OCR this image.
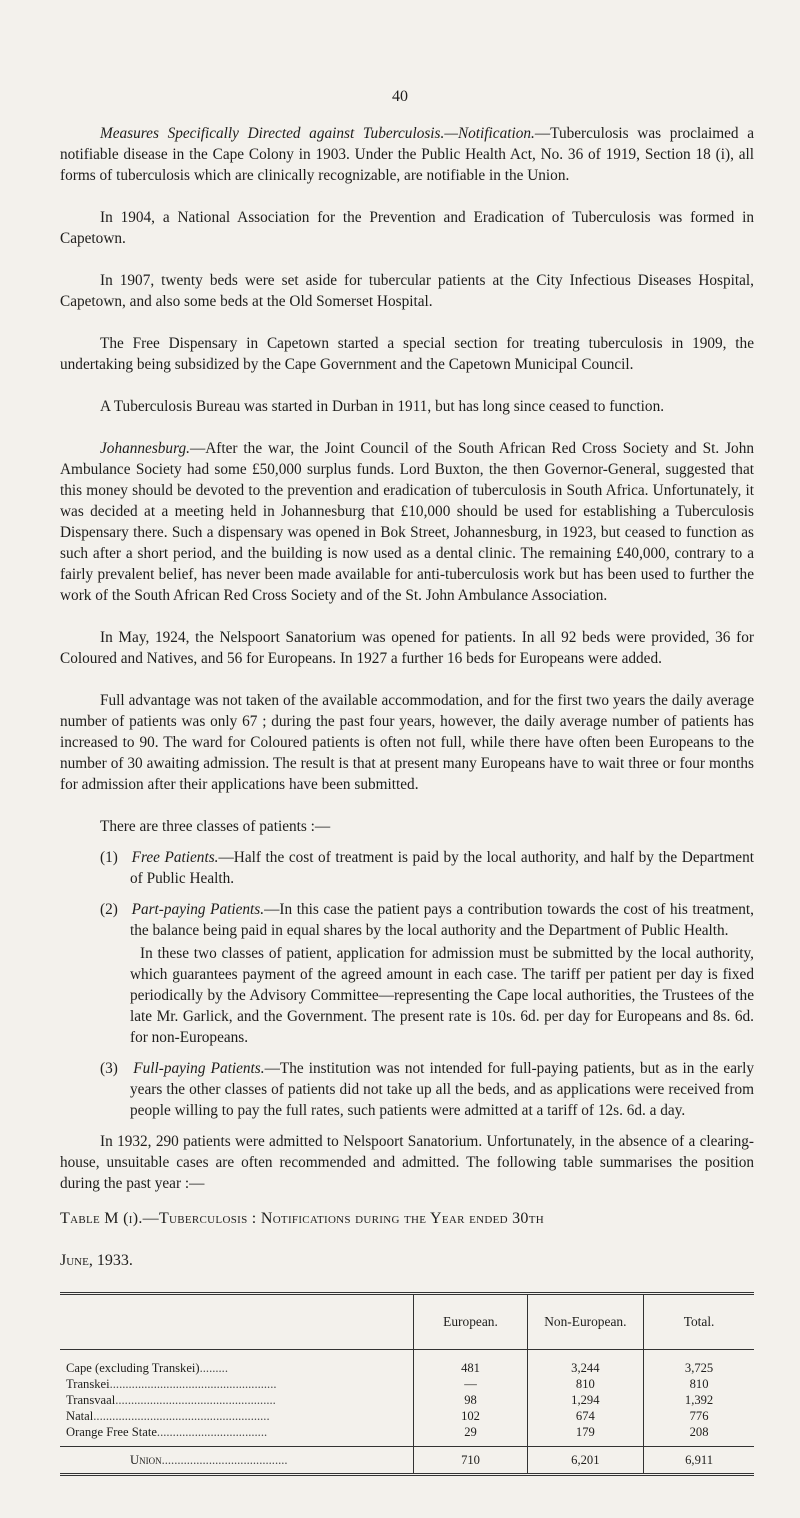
40

Measures Specifically Directed against Tuberculosis.—Notification.—Tuberculosis was proclaimed a notifiable disease in the Cape Colony in 1903. Under the Public Health Act, No. 36 of 1919, Section 18 (i), all forms of tuberculosis which are clinically recognizable, are notifiable in the Union.

In 1904, a National Association for the Prevention and Eradication of Tuberculosis was formed in Capetown.

In 1907, twenty beds were set aside for tubercular patients at the City Infectious Diseases Hospital, Capetown, and also some beds at the Old Somerset Hospital.

The Free Dispensary in Capetown started a special section for treating tuberculosis in 1909, the undertaking being subsidized by the Cape Government and the Capetown Municipal Council.

A Tuberculosis Bureau was started in Durban in 1911, but has long since ceased to function.

Johannesburg.—After the war, the Joint Council of the South African Red Cross Society and St. John Ambulance Society had some £50,000 surplus funds. Lord Buxton, the then Governor-General, suggested that this money should be devoted to the prevention and eradication of tuberculosis in South Africa. Unfortunately, it was decided at a meeting held in Johannesburg that £10,000 should be used for establishing a Tuberculosis Dispensary there. Such a dispensary was opened in Bok Street, Johannesburg, in 1923, but ceased to function as such after a short period, and the building is now used as a dental clinic. The remaining £40,000, contrary to a fairly prevalent belief, has never been made available for anti-tuberculosis work but has been used to further the work of the South African Red Cross Society and of the St. John Ambulance Association.

In May, 1924, the Nelspoort Sanatorium was opened for patients. In all 92 beds were provided, 36 for Coloured and Natives, and 56 for Europeans. In 1927 a further 16 beds for Europeans were added.

Full advantage was not taken of the available accommodation, and for the first two years the daily average number of patients was only 67 ; during the past four years, however, the daily average number of patients has increased to 90. The ward for Coloured patients is often not full, while there have often been Europeans to the number of 30 awaiting admission. The result is that at present many Europeans have to wait three or four months for admission after their applications have been submitted.

There are three classes of patients :—

(1) Free Patients.—Half the cost of treatment is paid by the local authority, and half by the Department of Public Health.

(2) Part-paying Patients.—In this case the patient pays a contribution towards the cost of his treatment, the balance being paid in equal shares by the local authority and the Department of Public Health.

In these two classes of patient, application for admission must be submitted by the local authority, which guarantees payment of the agreed amount in each case. The tariff per patient per day is fixed periodically by the Advisory Committee—representing the Cape local authorities, the Trustees of the late Mr. Garlick, and the Government. The present rate is 10s. 6d. per day for Europeans and 8s. 6d. for non-Europeans.

(3) Full-paying Patients.—The institution was not intended for full-paying patients, but as in the early years the other classes of patients did not take up all the beds, and as applications were received from people willing to pay the full rates, such patients were admitted at a tariff of 12s. 6d. a day.

In 1932, 290 patients were admitted to Nelspoort Sanatorium. Unfortunately, in the absence of a clearing-house, unsuitable cases are often recommended and admitted. The following table summarises the position during the past year :—

Table M (i).—Tuberculosis : Notifications during the Year ended 30th

June, 1933.

	European.	Non-European.	Total.
Cape (excluding Transkei).........	481	3,244	3,725
Transkei.....................................................	—	810	810
Transvaal...................................................	98	1,294	1,392
Natal........................................................	102	674	776
Orange Free State...................................	29	179	208
Union........................................	710	6,201	6,911
